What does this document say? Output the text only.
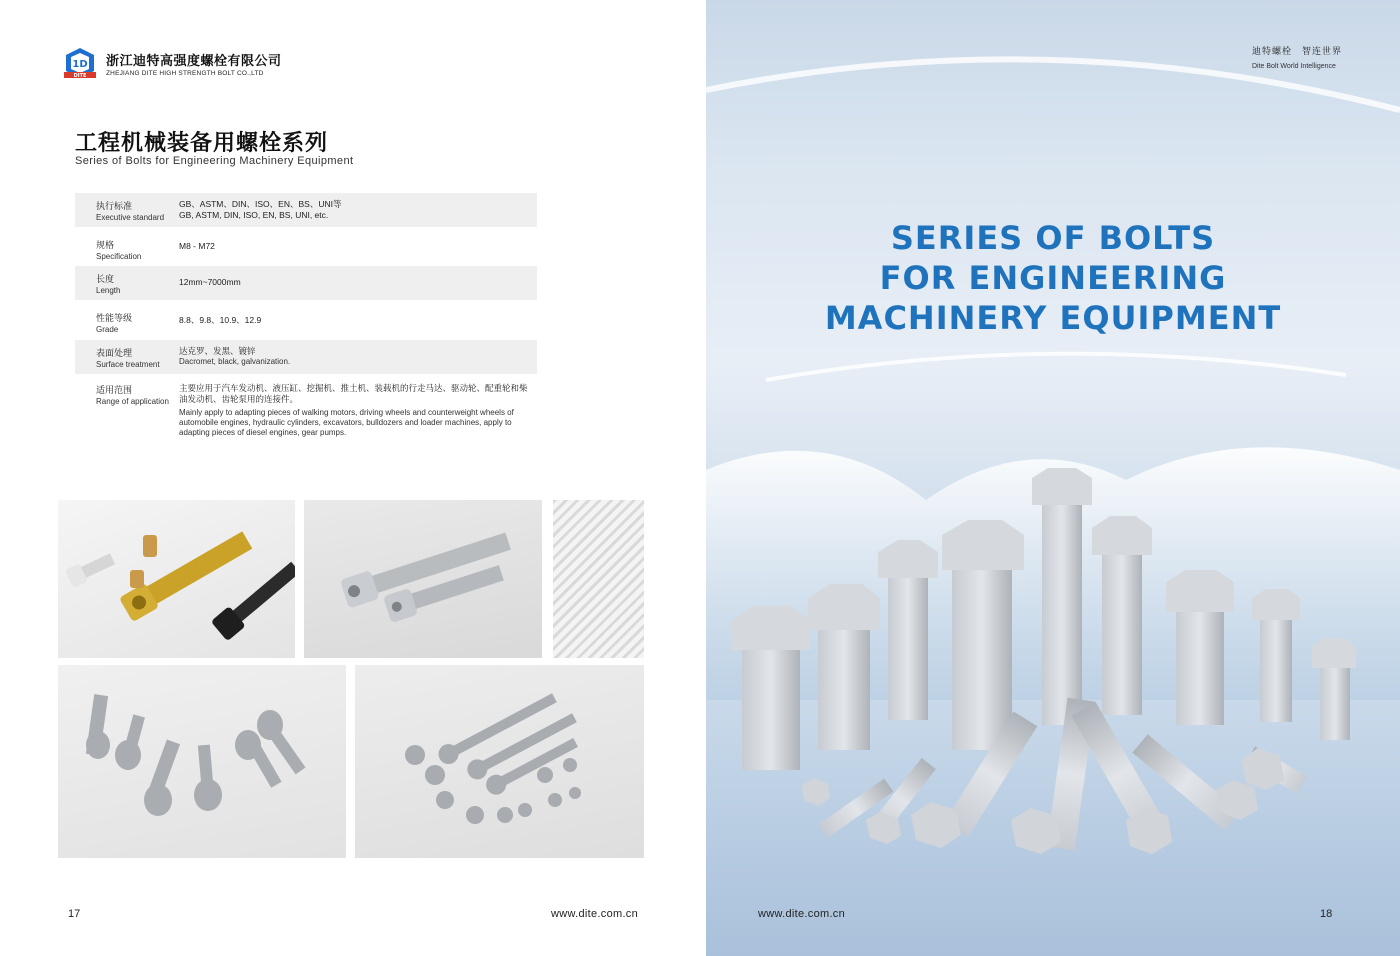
1D
DITE
浙江迪特高强度螺栓有限公司
ZHEJIANG DITE HIGH STRENGTH BOLT CO.,LTD
工程机械装备用螺栓系列
Series of Bolts for Engineering Machinery Equipment
执行标准
Executive standard
GB、ASTM、DIN、ISO、EN、BS、UNI等
GB, ASTM, DIN, ISO, EN, BS, UNI, etc.
规格
Specification
M8 - M72
长度
Length
12mm~7000mm
性能等级
Grade
8.8、9.8、10.9、12.9
表面处理
Surface treatment
达克罗、发黑、镀锌
Dacromet, black, galvanization.
适用范围
Range of application
主要应用于汽车发动机、液压缸、挖掘机、推土机、装载机的行走马达、驱动轮、配重轮和柴油发动机、齿轮泵用的连接件。
Mainly apply to adapting pieces of walking motors, driving wheels and counterweight wheels of automobile engines, hydraulic cylinders, excavators, bulldozers and loader machines, apply to adapting pieces of diesel engines, gear pumps.
17	www.dite.com.cn
迪特螺栓　智连世界
Dite Bolt World Intelligence
SERIES OF BOLTS
FOR ENGINEERING
MACHINERY EQUIPMENT
www.dite.com.cn	18
